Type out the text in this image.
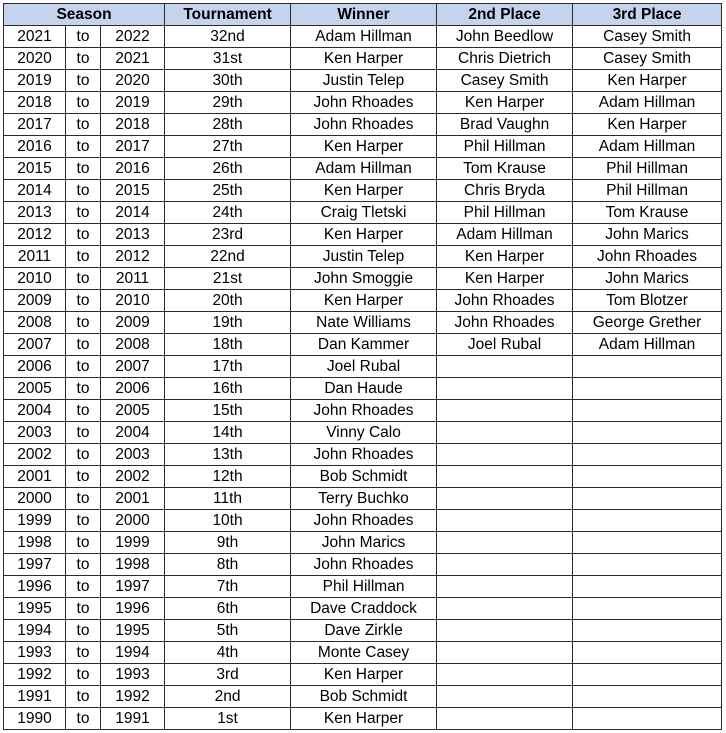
Season			Tournament	Winner	2nd Place	3rd Place
2021	to	2022	32nd	Adam Hillman	John Beedlow	Casey Smith
2020	to	2021	31st	Ken Harper	Chris Dietrich	Casey Smith
2019	to	2020	30th	Justin Telep	Casey Smith	Ken Harper
2018	to	2019	29th	John Rhoades	Ken Harper	Adam Hillman
2017	to	2018	28th	John Rhoades	Brad Vaughn	Ken Harper
2016	to	2017	27th	Ken Harper	Phil Hillman	Adam Hillman
2015	to	2016	26th	Adam Hillman	Tom Krause	Phil Hillman
2014	to	2015	25th	Ken Harper	Chris Bryda	Phil Hillman
2013	to	2014	24th	Craig Tletski	Phil Hillman	Tom Krause
2012	to	2013	23rd	Ken Harper	Adam Hillman	John Marics
2011	to	2012	22nd	Justin Telep	Ken Harper	John Rhoades
2010	to	2011	21st	John Smoggie	Ken Harper	John Marics
2009	to	2010	20th	Ken Harper	John Rhoades	Tom Blotzer
2008	to	2009	19th	Nate Williams	John Rhoades	George Grether
2007	to	2008	18th	Dan Kammer	Joel Rubal	Adam Hillman
2006	to	2007	17th	Joel Rubal		
2005	to	2006	16th	Dan Haude		
2004	to	2005	15th	John Rhoades		
2003	to	2004	14th	Vinny Calo		
2002	to	2003	13th	John Rhoades		
2001	to	2002	12th	Bob Schmidt		
2000	to	2001	11th	Terry Buchko		
1999	to	2000	10th	John Rhoades		
1998	to	1999	9th	John Marics		
1997	to	1998	8th	John Rhoades		
1996	to	1997	7th	Phil Hillman		
1995	to	1996	6th	Dave Craddock		
1994	to	1995	5th	Dave Zirkle		
1993	to	1994	4th	Monte Casey		
1992	to	1993	3rd	Ken Harper		
1991	to	1992	2nd	Bob Schmidt		
1990	to	1991	1st	Ken Harper		
